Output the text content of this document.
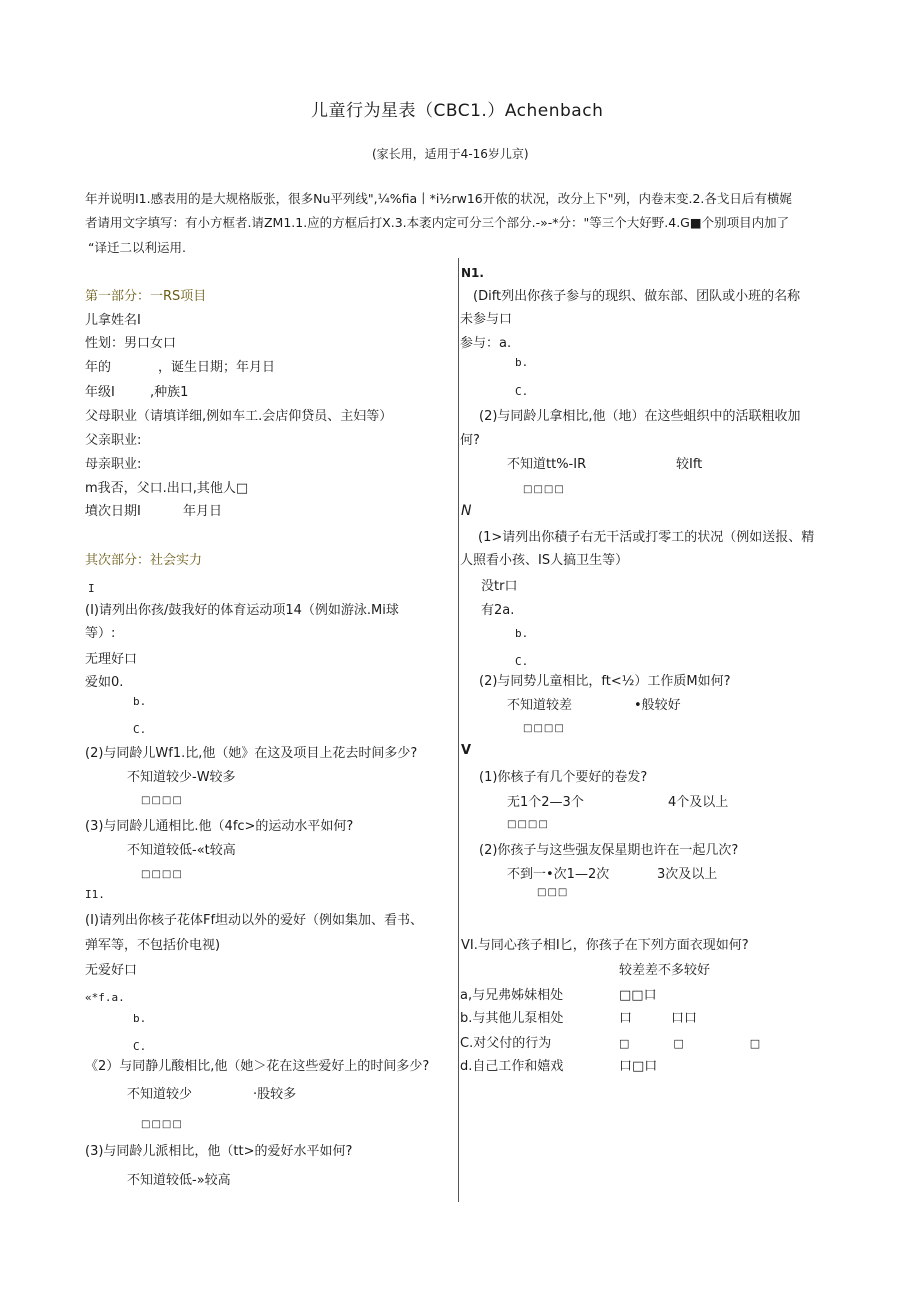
儿童行为星表（CBC1.）Achenbach
(家长用，适用于4-16岁儿京)
年并说明I1.感表用的是大规格版张，很多Nu平列线",¼%fia丨*i½rw16开侬的状况，改分上下"列，内卷末变.2.各戈日后有横娓
者请用文字填写：有小方框者.请ZM1.1.应的方框后打X.3.本袤内定可分三个部分.-»-*分："等三个大好野.4.G■个别项目内加了
“译迁二以利运用.
第一部分：一RS项目
儿拿姓名I
性划：男口女口
年的	，诞生日期；年月日
年级I	,种族1
父母职业（请填详细,例如车工.会店仰贷员、主妇等）
父亲职业:
母亲职业:
m我否，父口.出口,其他人□
墳次日期I	年月日
其次部分：社会实力
I
(I)请列出你孩/鼓我好的体育运动项14（例如游泳.Mi球
等）:
无理好口
爱如0.
b.
C.
(2)与同龄儿Wf1.比,他（她》在这及项目上花去时间多少?
不知道较少-W较多
□□□□
(3)与同龄儿通相比.他（4fc>的运动水平如何?
不知道较低-«t较高
□□□□
I1.
(I)请列出你核子花体Ff坦动以外的爱好（例如集加、看书、
弹军等，不包括价电视)
无爱好口
«*f.a.
b.
C.
《2）与同静儿酸相比,他（她＞花在这些爱好上的时间多少?
不知道较少	·股较多
□□□□
(3)与同龄儿派相比，他（tt>的爱好水平如何?
不知道较低-»较高
N1.
(Dift列出你孩子参与的现织、做东部、团队或小班的名称
未参与口
参与：a.
b.
C.
(2)与同龄儿拿相比,他（地）在这些蛆织中的活联粗收加
何?
不知道tt%-IR	较Ift
□□□□
N
(1>请列出你積子右无干活或打零工的状况（例如送报、精
人照看小孩、IS人搞卫生等）
没tr口
有2a.
b.
C.
(2)与同势儿童相比，ft<½）工作质M如何?
不知道较差	•般较好
□□□□
V
(1)你核子有几个要好的卷发?
无1个2—3个	4个及以上
□□□□
(2)你孩子与这些强友保星期也许在一起几次?
不到一•次1—2次	3次及以上
□□□
VI.与同心孩子相I匕，你孩子在下列方面衣现如何?
较差差不多较好
a,与兄弗姊妹相处	□□口
b.与其他儿泵相处	口　　　口口
C.对父付的行为	□　　　　□　　　　　　□
d.自己工作和嬉戏	口□口
